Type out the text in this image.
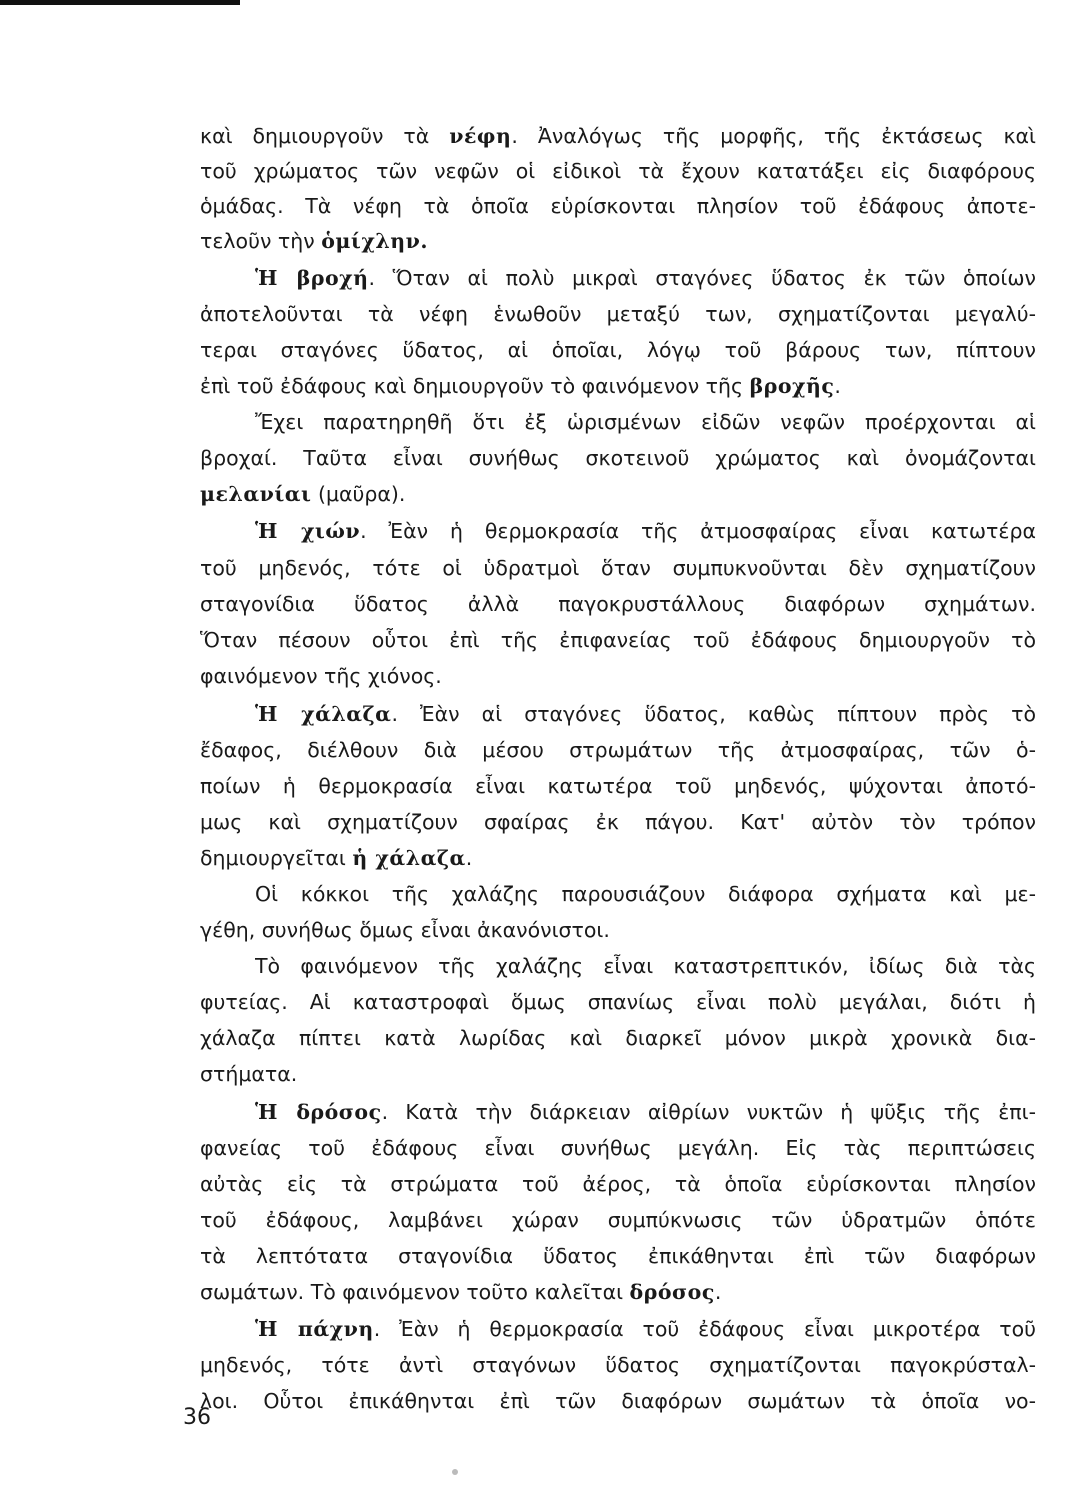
καὶ δημιουργοῦν τὰ νέφη. Ἀναλόγως τῆς μορφῆς, τῆς ἐκτάσεως καὶ
τοῦ χρώματος τῶν νεφῶν οἱ εἰδικοὶ τὰ ἔχουν κατατάξει εἰς διαφόρους
ὁμάδας. Τὰ νέφη τὰ ὁποῖα εὑρίσκονται πλησίον τοῦ ἐδάφους ἀποτε-
τελοῦν τὴν ὁμίχλην.
Ἡ βροχή. Ὅταν αἱ πολὺ μικραὶ σταγόνες ὕδατος ἐκ τῶν ὁποίων
ἀποτελοῦνται τὰ νέφη ἑνωθοῦν μεταξύ των, σχηματίζονται μεγαλύ-
τεραι σταγόνες ὕδατος, αἱ ὁποῖαι, λόγῳ τοῦ βάρους των, πίπτουν
ἐπὶ τοῦ ἐδάφους καὶ δημιουργοῦν τὸ φαινόμενον τῆς βροχῆς.
Ἔχει παρατηρηθῆ ὅτι ἐξ ὡρισμένων εἰδῶν νεφῶν προέρχονται αἱ
βροχαί. Ταῦτα εἶναι συνήθως σκοτεινοῦ χρώματος καὶ ὀνομάζονται
μελανίαι (μαῦρα).
Ἡ χιών. Ἐὰν ἡ θερμοκρασία τῆς ἀτμοσφαίρας εἶναι κατωτέρα
τοῦ μηδενός, τότε οἱ ὑδρατμοὶ ὅταν συμπυκνοῦνται δὲν σχηματίζουν
σταγονίδια ὕδατος ἀλλὰ παγοκρυστάλλους διαφόρων σχημάτων.
Ὅταν πέσουν οὗτοι ἐπὶ τῆς ἐπιφανείας τοῦ ἐδάφους δημιουργοῦν τὸ
φαινόμενον τῆς χιόνος.
Ἡ χάλαζα. Ἐὰν αἱ σταγόνες ὕδατος, καθὼς πίπτουν πρὸς τὸ
ἔδαφος, διέλθουν διὰ μέσου στρωμάτων τῆς ἀτμοσφαίρας, τῶν ὁ-
ποίων ἡ θερμοκρασία εἶναι κατωτέρα τοῦ μηδενός, ψύχονται ἀποτό-
μως καὶ σχηματίζουν σφαίρας ἐκ πάγου. Κατ' αὐτὸν τὸν τρόπον
δημιουργεῖται ἡ χάλαζα.
Οἱ κόκκοι τῆς χαλάζης παρουσιάζουν διάφορα σχήματα καὶ με-
γέθη, συνήθως ὅμως εἶναι ἀκανόνιστοι.
Τὸ φαινόμενον τῆς χαλάζης εἶναι καταστρεπτικόν, ἰδίως διὰ τὰς
φυτείας. Αἱ καταστροφαὶ ὅμως σπανίως εἶναι πολὺ μεγάλαι, διότι ἡ
χάλαζα πίπτει κατὰ λωρίδας καὶ διαρκεῖ μόνον μικρὰ χρονικὰ δια-
στήματα.
Ἡ δρόσος. Κατὰ τὴν διάρκειαν αἰθρίων νυκτῶν ἡ ψῦξις τῆς ἐπι-
φανείας τοῦ ἐδάφους εἶναι συνήθως μεγάλη. Εἰς τὰς περιπτώσεις
αὐτὰς εἰς τὰ στρώματα τοῦ ἀέρος, τὰ ὁποῖα εὑρίσκονται πλησίον
τοῦ ἐδάφους, λαμβάνει χώραν συμπύκνωσις τῶν ὑδρατμῶν ὁπότε
τὰ λεπτότατα σταγονίδια ὕδατος ἐπικάθηνται ἐπὶ τῶν διαφόρων
σωμάτων. Τὸ φαινόμενον τοῦτο καλεῖται δρόσος.
Ἡ πάχνη. Ἐὰν ἡ θερμοκρασία τοῦ ἐδάφους εἶναι μικροτέρα τοῦ
μηδενός, τότε ἀντὶ σταγόνων ὕδατος σχηματίζονται παγοκρύσταλ-
λοι. Οὗτοι ἐπικάθηνται ἐπὶ τῶν διαφόρων σωμάτων τὰ ὁποῖα νο-
36
